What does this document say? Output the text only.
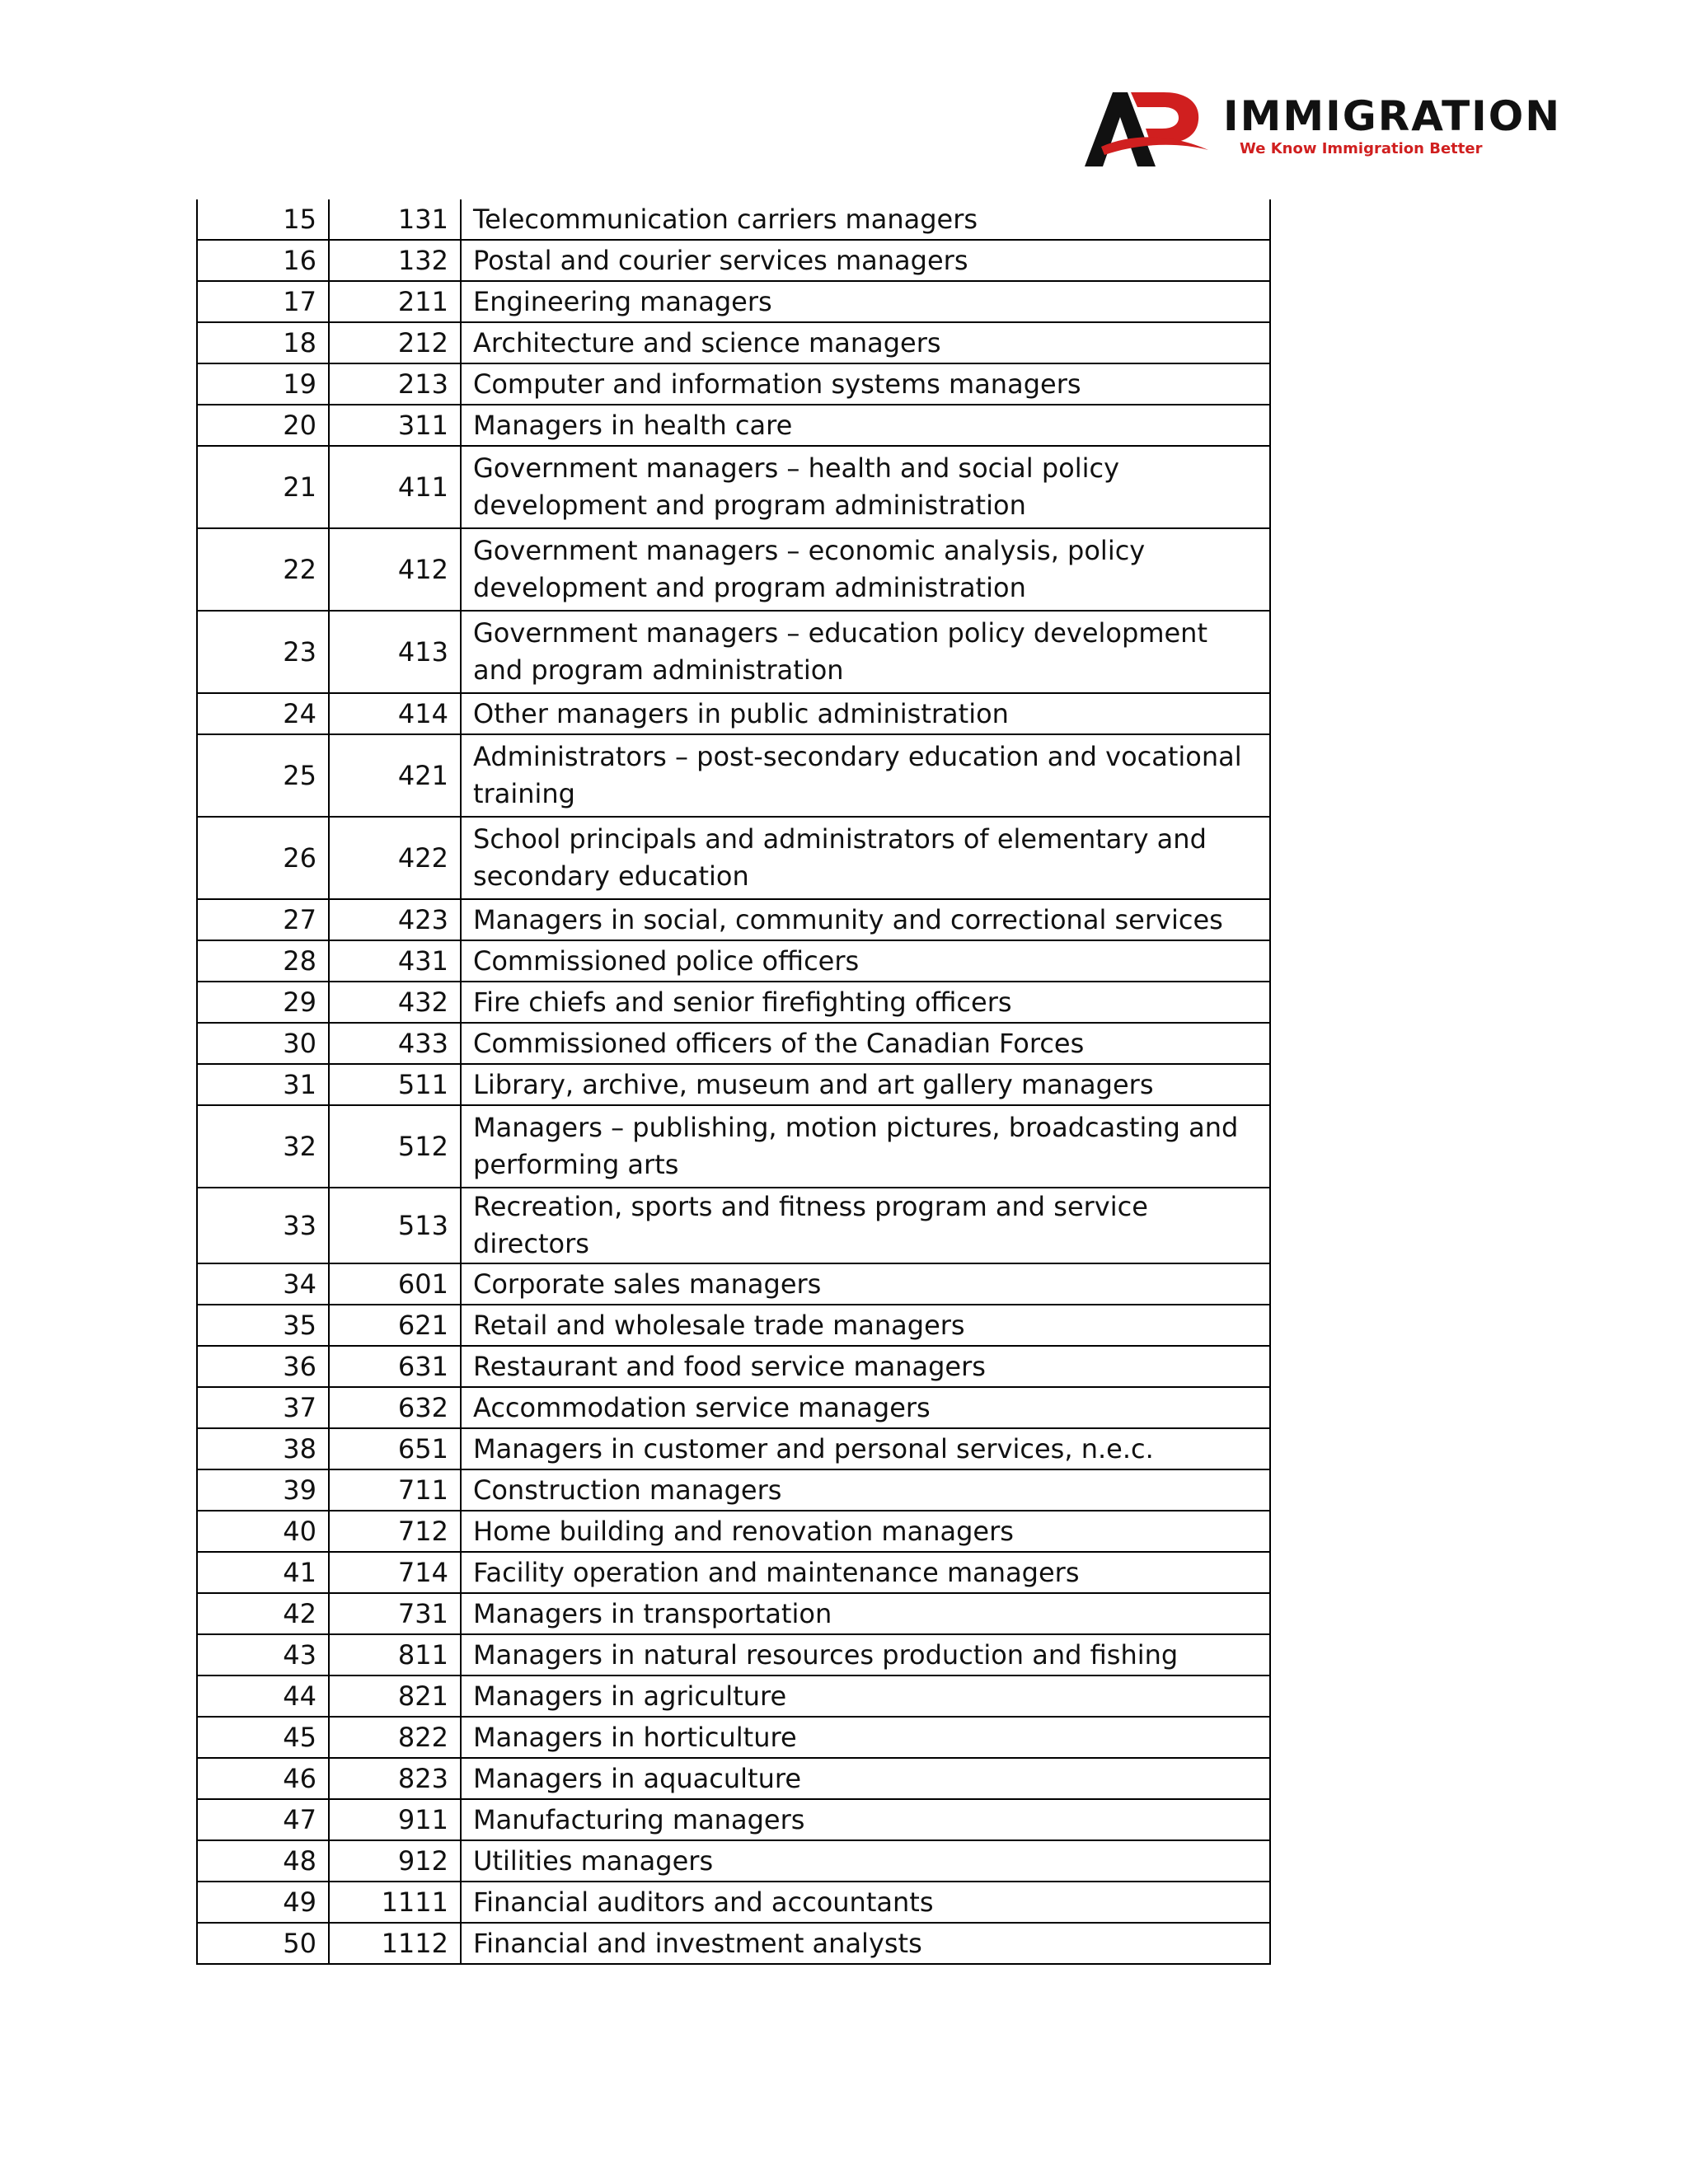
IMMIGRATION
We Know Immigration Better
15	131	Telecommunication carriers managers
16	132	Postal and courier services managers
17	211	Engineering managers
18	212	Architecture and science managers
19	213	Computer and information systems managers
20	311	Managers in health care
21	411	Government managers – health and social policy development and program administration
22	412	Government managers – economic analysis, policy development and program administration
23	413	Government managers – education policy development and program administration
24	414	Other managers in public administration
25	421	Administrators – post-secondary education and vocational training
26	422	School principals and administrators of elementary and secondary education
27	423	Managers in social, community and correctional services
28	431	Commissioned police officers
29	432	Fire chiefs and senior firefighting officers
30	433	Commissioned officers of the Canadian Forces
31	511	Library, archive, museum and art gallery managers
32	512	Managers – publishing, motion pictures, broadcasting and performing arts
33	513	Recreation, sports and fitness program and service directors
34	601	Corporate sales managers
35	621	Retail and wholesale trade managers
36	631	Restaurant and food service managers
37	632	Accommodation service managers
38	651	Managers in customer and personal services, n.e.c.
39	711	Construction managers
40	712	Home building and renovation managers
41	714	Facility operation and maintenance managers
42	731	Managers in transportation
43	811	Managers in natural resources production and fishing
44	821	Managers in agriculture
45	822	Managers in horticulture
46	823	Managers in aquaculture
47	911	Manufacturing managers
48	912	Utilities managers
49	1111	Financial auditors and accountants
50	1112	Financial and investment analysts
